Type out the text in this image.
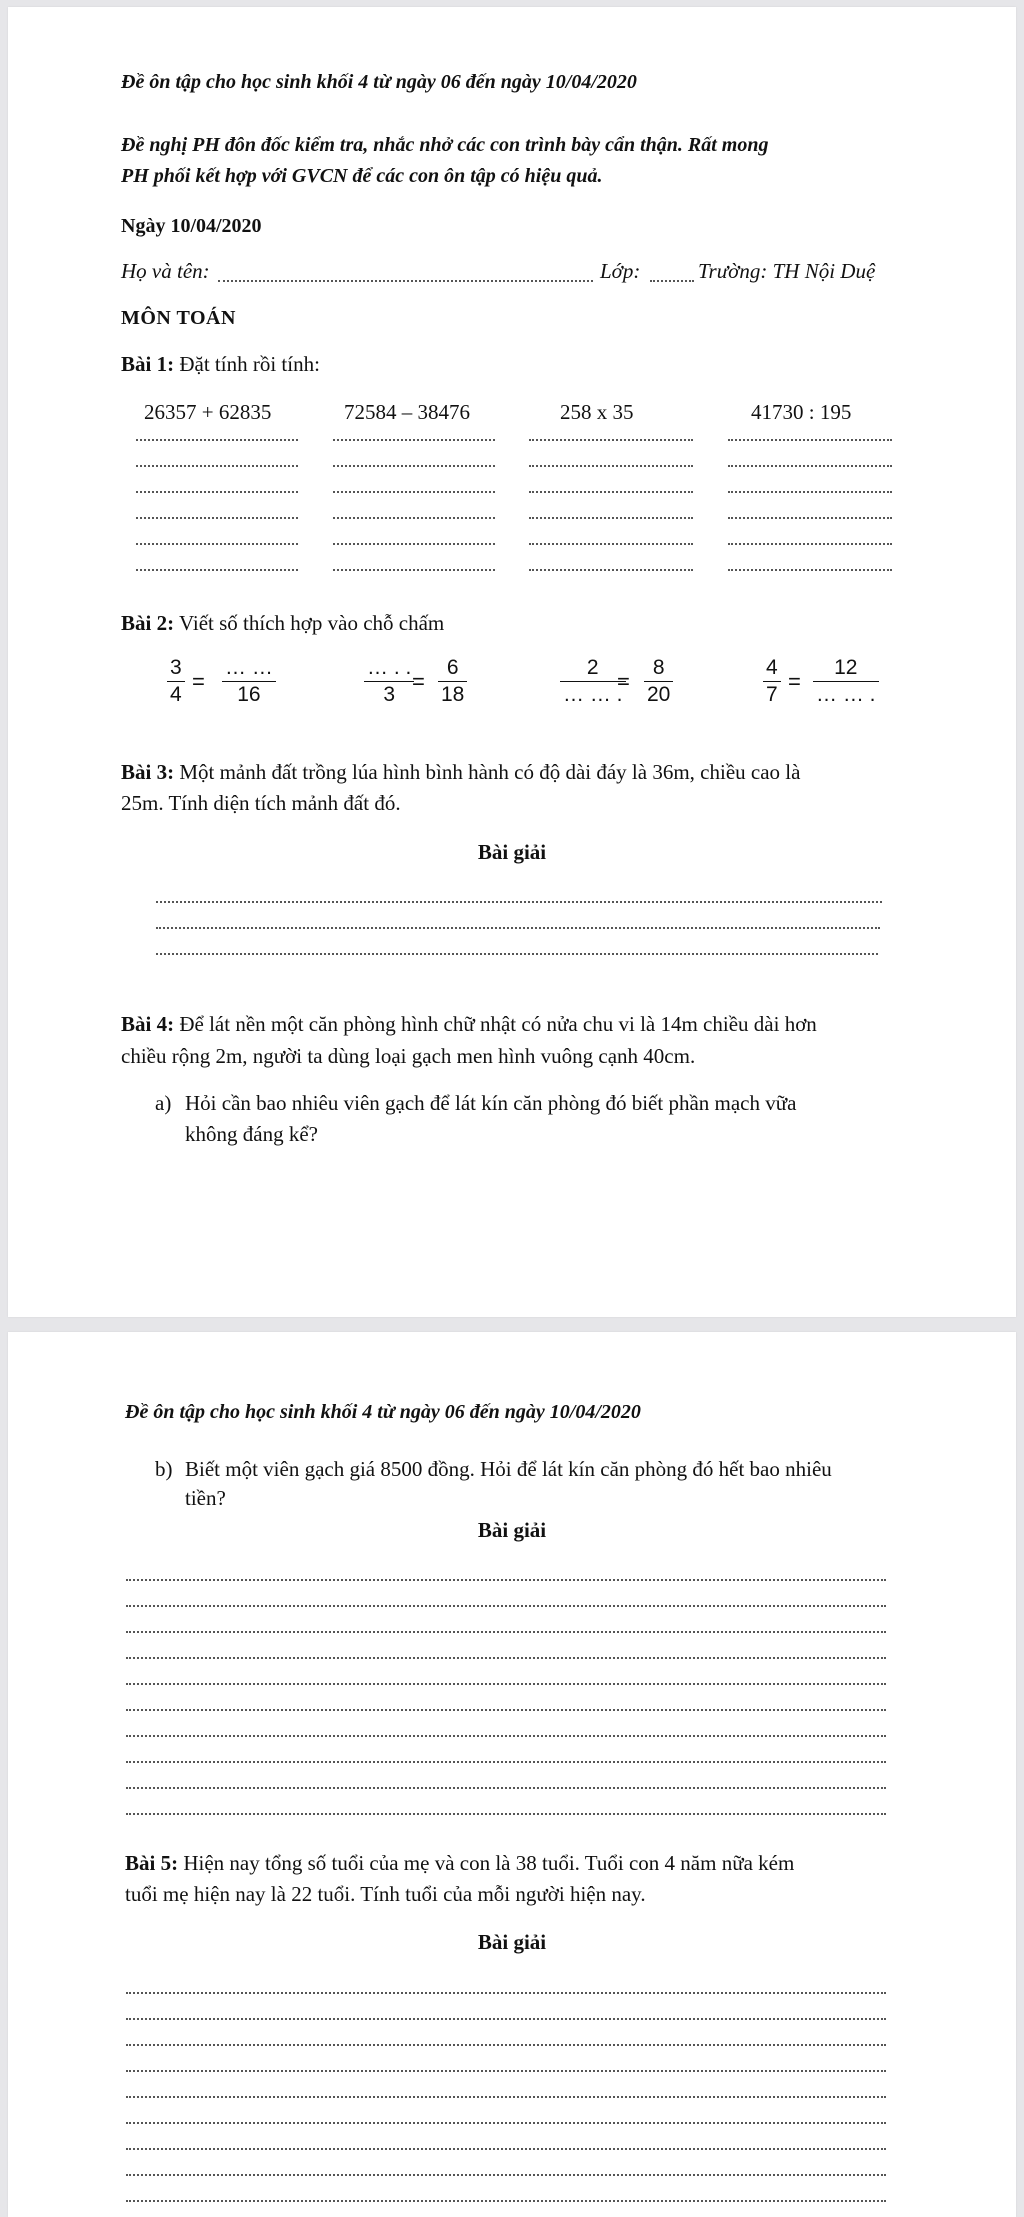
Đề ôn tập cho học sinh khối 4 từ ngày 06 đến ngày 10/04/2020
Đề nghị PH đôn đốc kiểm tra, nhắc nhở các con trình bày cẩn thận. Rất mong
PH phối kết hợp với GVCN để các con ôn tập có hiệu quả.
Ngày 10/04/2020
Họ và tên:	Lớp:	Trường: TH Nội Duệ
MÔN TOÁN
Bài 1: Đặt tính rồi tính:
26357 + 62835	72584 – 38476	258 x 35	41730 : 195
Bài 2: Viết số thích hợp vào chỗ chấm
$\frac{3}{4}$ =
… …
16
… . .
3
= $\frac{6}{18}$	2
… … .
= $\frac{8}{20}$	$\frac{4}{7}$ =
12
… … .
Bài 3: Một mảnh đất trồng lúa hình bình hành có độ dài đáy là 36m, chiều cao là
25m. Tính diện tích mảnh đất đó.
Bài giải
Bài 4: Để lát nền một căn phòng hình chữ nhật có nửa chu vi là 14m chiều dài hơn
chiều rộng 2m, người ta dùng loại gạch men hình vuông cạnh 40cm.
a) Hỏi cần bao nhiêu viên gạch để lát kín căn phòng đó biết phần mạch vữa
không đáng kể?
Đề ôn tập cho học sinh khối 4 từ ngày 06 đến ngày 10/04/2020
b) Biết một viên gạch giá 8500 đồng. Hỏi để lát kín căn phòng đó hết bao nhiêu
tiền?
Bài giải
Bài 5: Hiện nay tổng số tuổi của mẹ và con là 38 tuổi. Tuổi con 4 năm nữa kém
tuổi mẹ hiện nay là 22 tuổi. Tính tuổi của mỗi người hiện nay.
Bài giải
